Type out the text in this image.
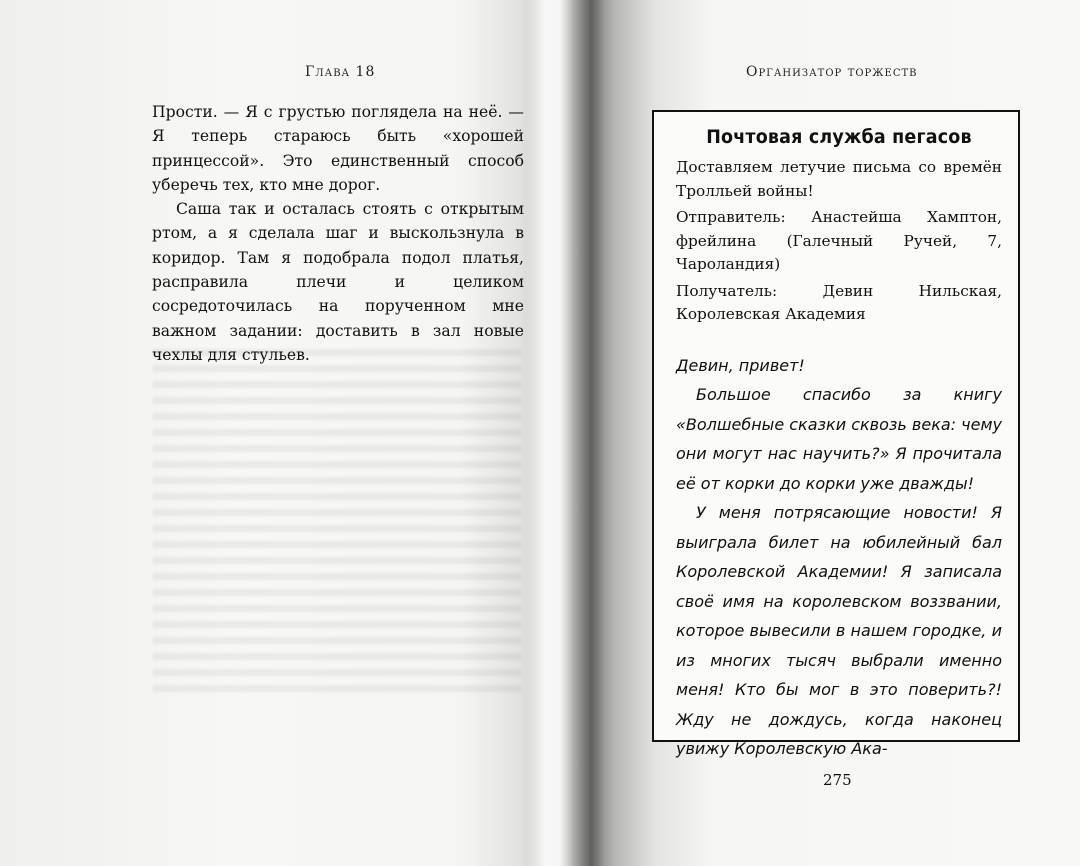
Глава 18

Прости. — Я с грустью поглядела на неё. — Я теперь стараюсь быть «хорошей принцессой». Это единственный способ уберечь тех, кто мне дорог.

Саша так и осталась стоять с открытым ртом, а я сделала шаг и выскользнула в коридор. Там я подобрала подол платья, расправила плечи и целиком сосредоточилась на порученном мне важном задании: доставить в зал новые чехлы для стульев.

Организатор торжеств
Почтовая служба пегасов

Доставляем летучие письма со времён Тролльей войны!

Отправитель: Анастейша Хамптон, фрейлина (Галечный Ручей, 7, Чароландия)

Получатель: Девин Нильская, Королевская Академия

Девин, привет!

Большое спасибо за книгу «Волшебные сказки сквозь века: чему они могут нас научить?» Я прочитала её от корки до корки уже дважды!

У меня потрясающие новости! Я выиграла билет на юбилейный бал Королевской Академии! Я записала своё имя на королевском воззвании, которое вывесили в нашем городке, и из многих тысяч выбрали именно меня! Кто бы мог в это поверить?! Жду не дождусь, когда наконец увижу Королевскую Ака-

275
